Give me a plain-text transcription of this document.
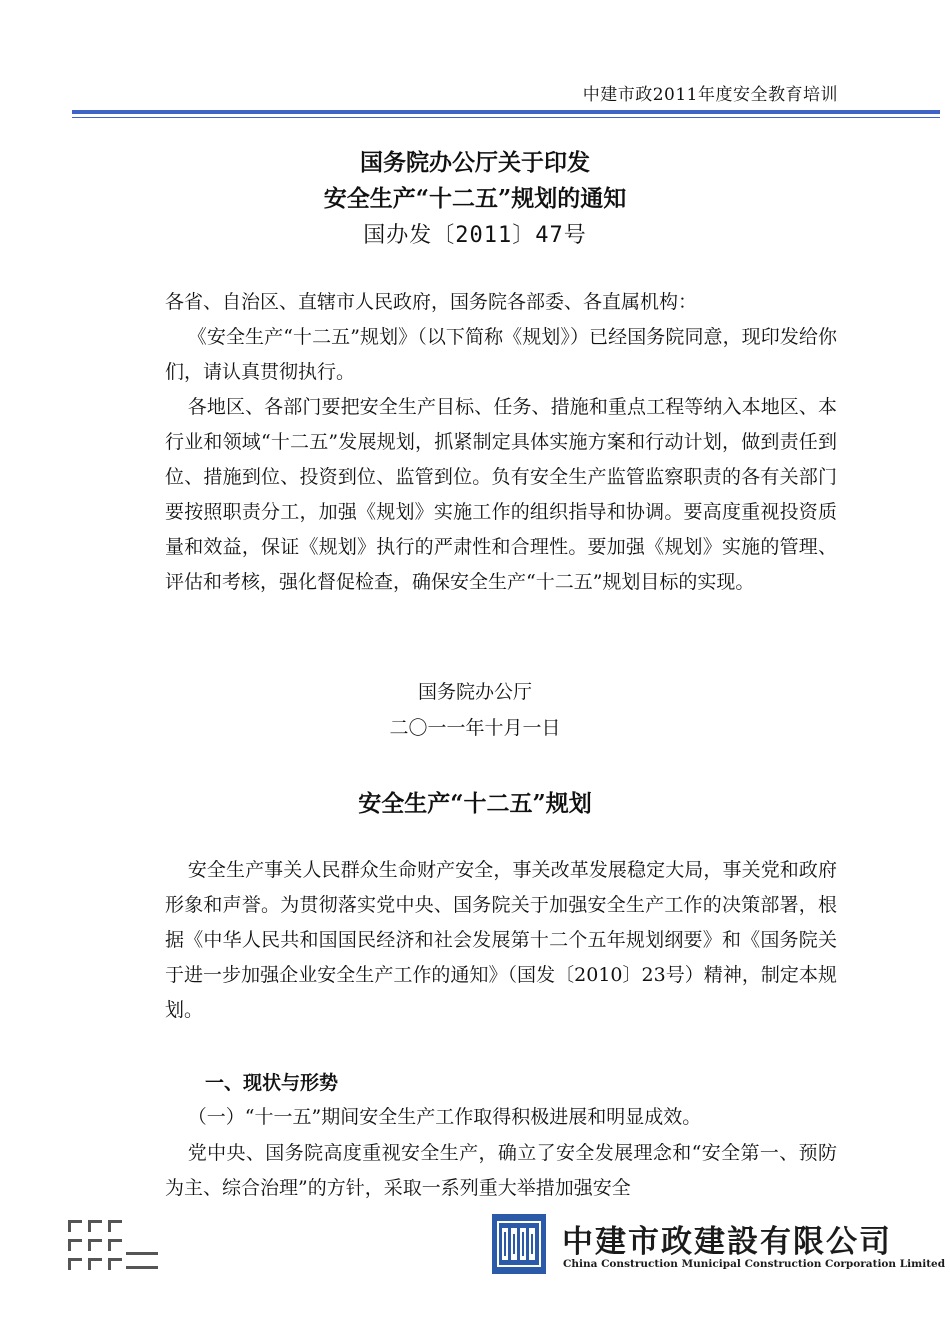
中建市政2011年度安全教育培训
国务院办公厅关于印发
安全生产“十二五”规划的通知
国办发〔2011〕47号
各省、自治区、直辖市人民政府，国务院各部委、各直属机构：
《安全生产“十二五”规划》（以下简称《规划》）已经国务院同意，现印发给你们，请认真贯彻执行。
各地区、各部门要把安全生产目标、任务、措施和重点工程等纳入本地区、本行业和领域“十二五”发展规划，抓紧制定具体实施方案和行动计划，做到责任到位、措施到位、投资到位、监管到位。负有安全生产监管监察职责的各有关部门要按照职责分工，加强《规划》实施工作的组织指导和协调。要高度重视投资质量和效益，保证《规划》执行的严肃性和合理性。要加强《规划》实施的管理、评估和考核，强化督促检查，确保安全生产“十二五”规划目标的实现。
国务院办公厅
二〇一一年十月一日
安全生产“十二五”规划
安全生产事关人民群众生命财产安全，事关改革发展稳定大局，事关党和政府形象和声誉。为贯彻落实党中央、国务院关于加强安全生产工作的决策部署，根据《中华人民共和国国民经济和社会发展第十二个五年规划纲要》和《国务院关于进一步加强企业安全生产工作的通知》（国发〔2010〕23号）精神，制定本规划。
一、现状与形势
（一）“十一五”期间安全生产工作取得积极进展和明显成效。
党中央、国务院高度重视安全生产，确立了安全发展理念和“安全第一、预防为主、综合治理”的方针，采取一系列重大举措加强安全
中建市政建設有限公司
China Construction Municipal Construction Corporation Limited
